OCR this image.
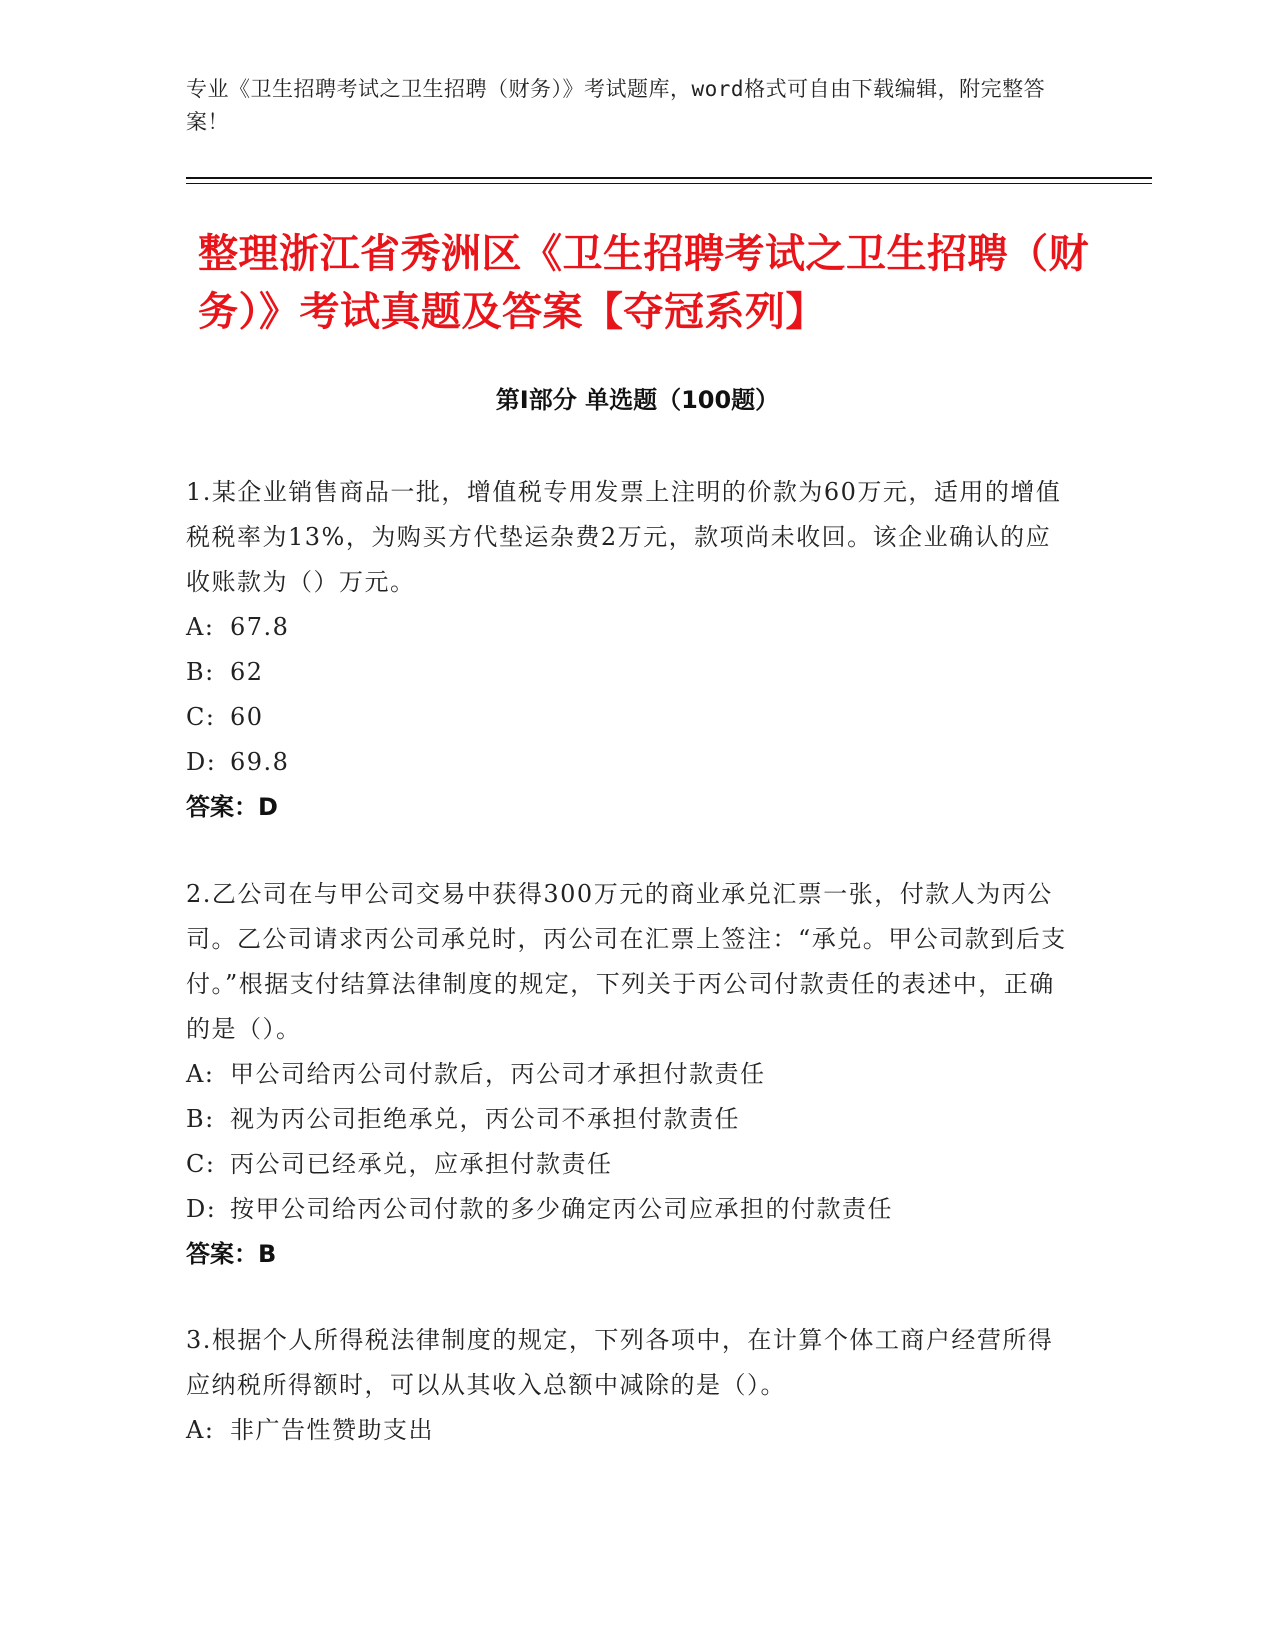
专业《卫生招聘考试之卫生招聘（财务）》考试题库，word格式可自由下载编辑，附完整答案！
整理浙江省秀洲区《卫生招聘考试之卫生招聘（财务）》考试真题及答案【夺冠系列】
第Ⅰ部分 单选题（100题）
1.某企业销售商品一批，增值税专用发票上注明的价款为60万元，适用的增值税税率为13%，为购买方代垫运杂费2万元，款项尚未收回。该企业确认的应收账款为（）万元。
A: 67.8
B: 62
C: 60
D: 69.8
答案：D
2.乙公司在与甲公司交易中获得300万元的商业承兑汇票一张，付款人为丙公司。乙公司请求丙公司承兑时，丙公司在汇票上签注：“承兑。甲公司款到后支付。”根据支付结算法律制度的规定，下列关于丙公司付款责任的表述中，正确的是（）。
A: 甲公司给丙公司付款后，丙公司才承担付款责任
B: 视为丙公司拒绝承兑，丙公司不承担付款责任
C: 丙公司已经承兑，应承担付款责任
D: 按甲公司给丙公司付款的多少确定丙公司应承担的付款责任
答案：B
3.根据个人所得税法律制度的规定，下列各项中，在计算个体工商户经营所得应纳税所得额时，可以从其收入总额中减除的是（）。
A: 非广告性赞助支出
